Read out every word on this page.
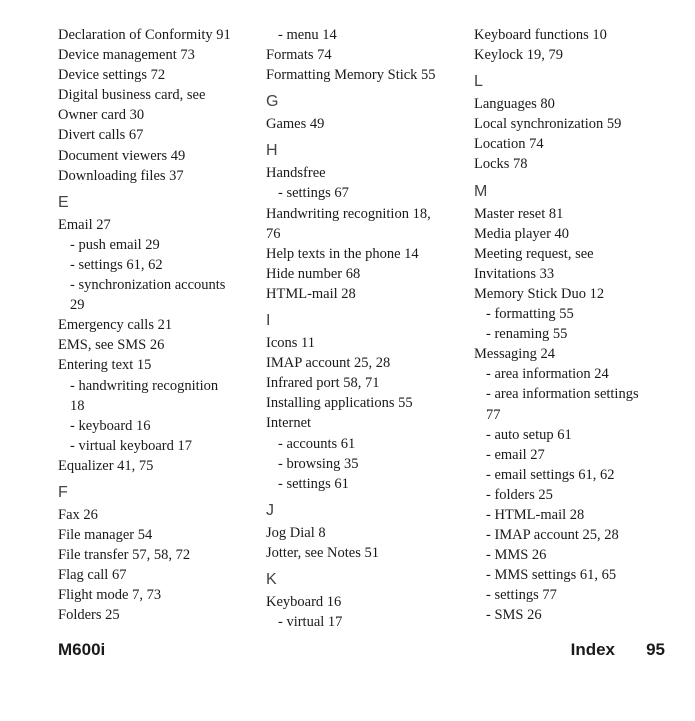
Declaration of Conformity 91
Device management 73
Device settings 72
Digital business card, see
Owner card 30
Divert calls 67
Document viewers 49
Downloading files 37
E
Email 27
- push email 29
- settings 61, 62
- synchronization accounts
29
Emergency calls 21
EMS, see SMS 26
Entering text 15
- handwriting recognition
18
- keyboard 16
- virtual keyboard 17
Equalizer 41, 75
F
Fax 26
File manager 54
File transfer 57, 58, 72
Flag call 67
Flight mode 7, 73
Folders 25
- menu 14
Formats 74
Formatting Memory Stick 55
G
Games 49
H
Handsfree
- settings 67
Handwriting recognition 18,
76
Help texts in the phone 14
Hide number 68
HTML-mail 28
I
Icons 11
IMAP account 25, 28
Infrared port 58, 71
Installing applications 55
Internet
- accounts 61
- browsing 35
- settings 61
J
Jog Dial 8
Jotter, see Notes 51
K
Keyboard 16
- virtual 17
Keyboard functions 10
Keylock 19, 79
L
Languages 80
Local synchronization 59
Location 74
Locks 78
M
Master reset 81
Media player 40
Meeting request, see
Invitations 33
Memory Stick Duo 12
- formatting 55
- renaming 55
Messaging 24
- area information 24
- area information settings
77
- auto setup 61
- email 27
- email settings 61, 62
- folders 25
- HTML-mail 28
- IMAP account 25, 28
- MMS 26
- MMS settings 61, 65
- settings 77
- SMS 26
M600i	Index 95
